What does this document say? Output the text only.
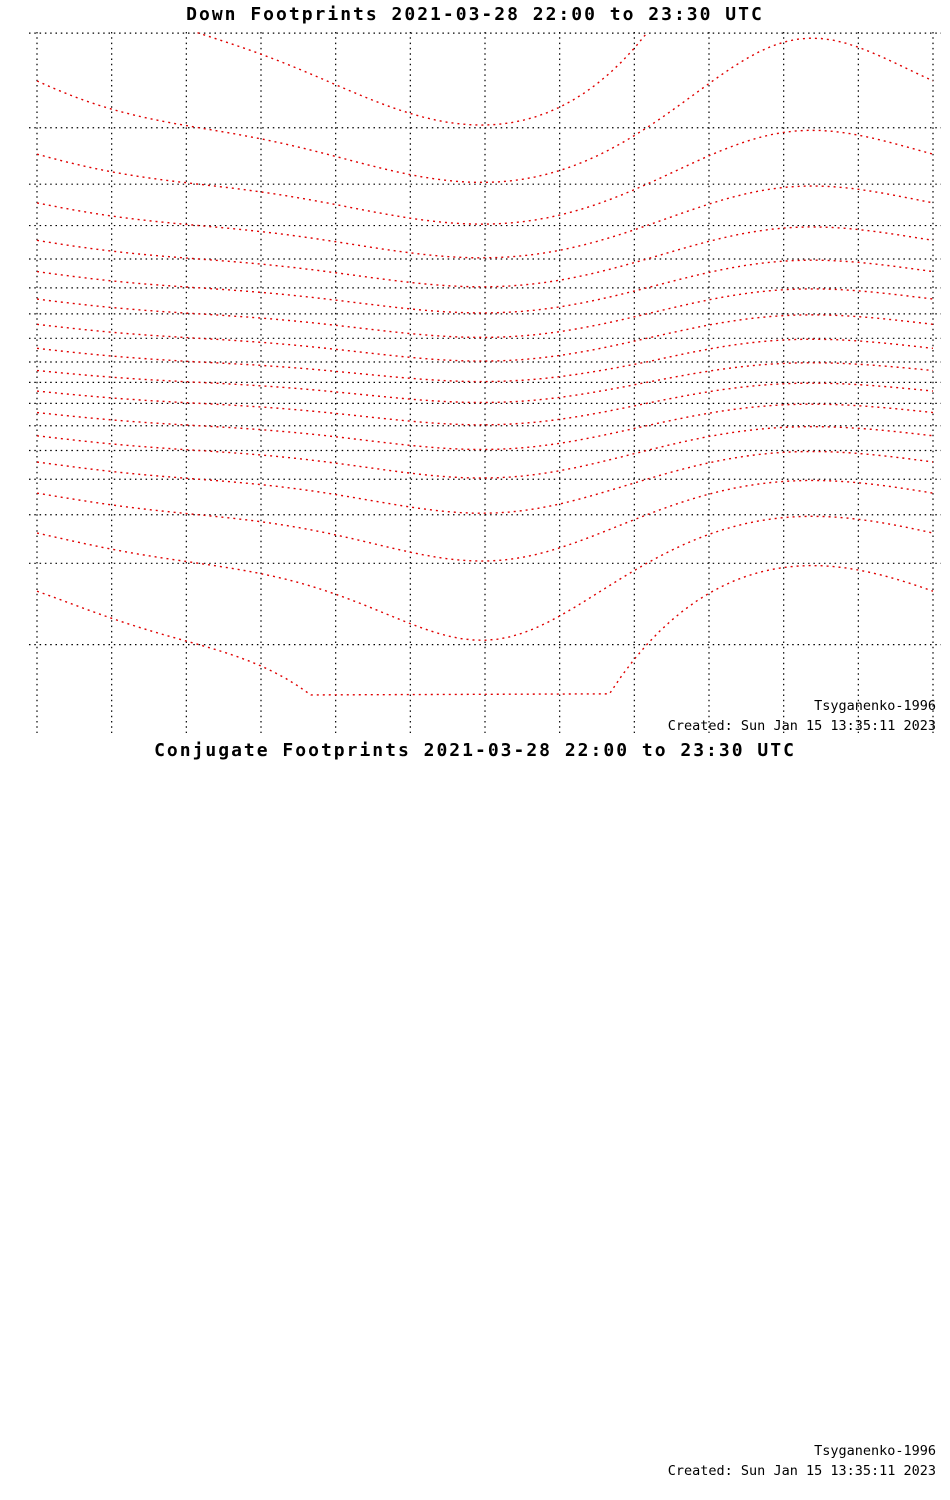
Down Footprints 2021-03-28 22:00 to 23:30 UTC
Conjugate Footprints 2021-03-28 22:00 to 23:30 UTC
Tsyganenko-1996
Created: Sun Jan 15 13:35:11 2023
Tsyganenko-1996
Created: Sun Jan 15 13:35:11 2023
